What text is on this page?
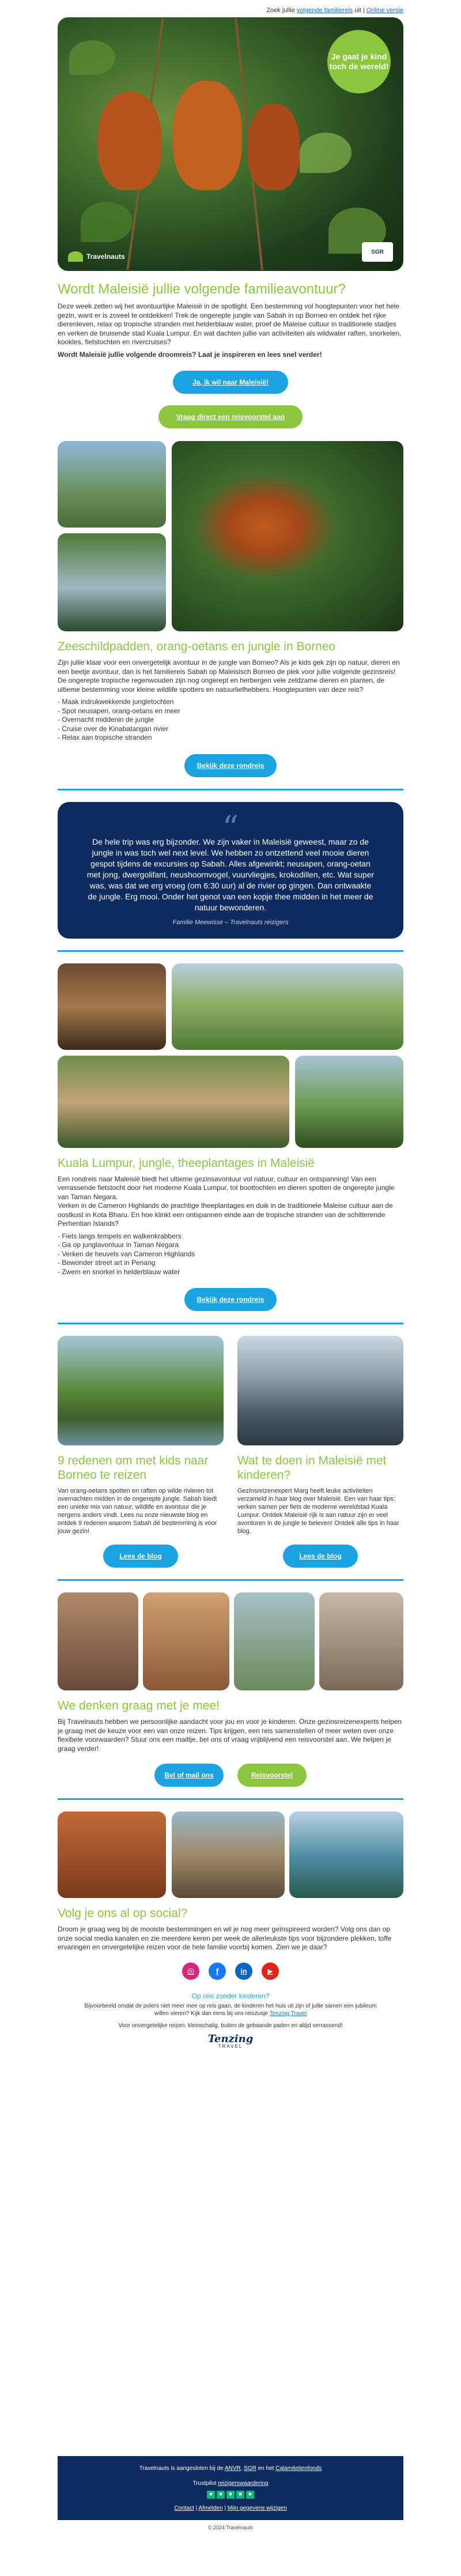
Zoek jullie volgende familiereis uit | Online versie
Je gaat je kind toch de wereld!
Travelnauts
SGR
Wordt Maleisië jullie volgende familieavontuur?

Deze week zetten wij het avontuurlijke Maleisië in de spotlight. Een bestemming vol hoogtepunten voor het hele gezin, want er is zoveel te ontdekken! Trek de ongerepte jungle van Sabah in op Borneo en ontdek het rijke dierenleven, relax op tropische stranden met helderblauw water, proef de Maleise cultuur in traditionele stadjes en verken de bruisende stad Kuala Lumpur. En wat dachten jullie van activiteiten als wildwater raften, snorkelen, kookles, fietstochten en rivercruises?

Wordt Maleisië jullie volgende droomreis? Laat je inspireren en lees snel verder!

Ja, ik wil naar Maleisië!
Vraag direct een reisvoorstel aan
Zeeschildpadden, orang-oetans en jungle in Borneo

Zijn jullie klaar voor een onvergetelijk avontuur in de jungle van Borneo? Als je kids gek zijn op natuur, dieren en een beetje avontuur, dan is het familiereis Sabah op Maleisisch Borneo de plek voor jullie volgende gezinsreis!
De ongerepte tropische regenwouden zijn nog ongerept en herbergen vele zeldzame dieren en planten, de ultieme bestemming voor kleine wildlife spotters en natuurliefhebbers. Hoogtepunten van deze reis?

- Maak indrukwekkende jungletochten
- Spot neusapen, orang-oetans en meer
- Overnacht middenin de jungle
- Cruise over de Kinabatangan rivier
- Relax aan tropische stranden

Bekijk deze rondreis
“
De hele trip was erg bijzonder. We zijn vaker in Maleisië geweest, maar zo de jungle in was toch wel next level. We hebben zo ontzettend veel mooie dieren gespot tijdens de excursies op Sabah. Alles afgewinkt; neusapen, orang-oetan met jong, dwergolifant, neushoornvogel, vuurvliegjes, krokodillen, etc. Wat super was, was dat we erg vroeg (om 6:30 uur) al de rivier op gingen. Dan ontwaakte de jungle. Erg mooi. Onder het genot van een kopje thee midden in het meer de natuur bewonderen.
Familie Meewisse – Travelnauts reizigers
Kuala Lumpur, jungle, theeplantages in Maleisië

Een rondreis naar Maleisië biedt het ultieme gezinsavontuur vol natuur, cultuur en ontspanning! Van een verrassende fietstocht door het moderne Kuala Lumpur, tot boottochten en dieren spotten de ongerepte jungle van Taman Negara.
Verken in de Cameron Highlands de prachtige theeplantages en duik in de traditionele Maleise cultuur aan de oostkust in Kota Bharu. En hoe klinkt een ontspannen einde aan de tropische stranden van de schitterende Perhentian Islands?

- Fiets langs tempels en walkenkrabbers
- Ga op junglavontuur in Taman Negara
- Verken de heuvels van Cameron Highlands
- Bewonder street art in Penang
- Zwem en snorkel in helderblauw water

Bekijk deze rondreis
9 redenen om met kids naar Borneo te reizen

Van orang-oetans spotten en raften op wilde rivieren tot overnachten midden in de ongerepte jungle. Sabah biedt een unieke mix van natuur, wildlife en avontuur die je nergens anders vindt. Lees nu onze nieuwste blog en ontdek 9 redenen waarom Sabah dé bestemming is voor jouw gezin!

Lees de blog
Wat te doen in Maleisië met kinderen?

Gezinsreizenexpert Marg heeft leuke activiteiten verzameld in haar blog over Maleisië. Een van haar tips: verken samen per fiets de moderne wereldstad Kuala Lumpur. Ontdek Maleisië rijk is aan natuur zijn er veel avonturen in de jungle te beleven! Ontdek alle tips in haar blog.

Lees de blog
We denken graag met je mee!

Bij Travelnauts hebben we persoonlijke aandacht voor jou en voor je kinderen. Onze gezinsreizenexperts helpen je graag met de keuze voor een van onze reizen. Tips krijgen, een reis samenstellen of meer weten over onze flexibele voorwaarden? Stuur ons een mailtje, bel ons of vraag vrijblijvend een reisvoorstel aan. We helpen je graag verder!

Bel of mail ons	Reisvoorstel
Volg je ons al op social?

Droom je graag weg bij de mooiste bestemmingen en wil je nog meer geïnspireerd worden? Volg ons dan op onze social media kanalen en zie meerdere keren per week de allerleukste tips voor bijzondere plekken, toffe ervaringen en onvergetelijke reizen voor de hele familie voorbij komen. Zien we je daar?

◎	f	in	▶
Op reis zonder kinderen?
Bijvoorbeeld omdat de polers niet meer mee op reis gaan, de kinderen het huis uit zijn of jullie samen een jubileum willen vieren? Kijk dan eens bij ons reiszusje Tenzing Travel
Voor onvergetelijke reizen: kleinschalig, buiten de gebaande paden en altijd verrassend!
Tenzing
TRAVEL
Travelnauts is aangesloten bij de ANVR, SGR en het Calamiteitenfonds
Trustpilot reizigerswaardering
★ ★ ★ ★ ★
Contact | Afmelden | Mijn gegevens wijzigen
© 2024 Travelnauts
